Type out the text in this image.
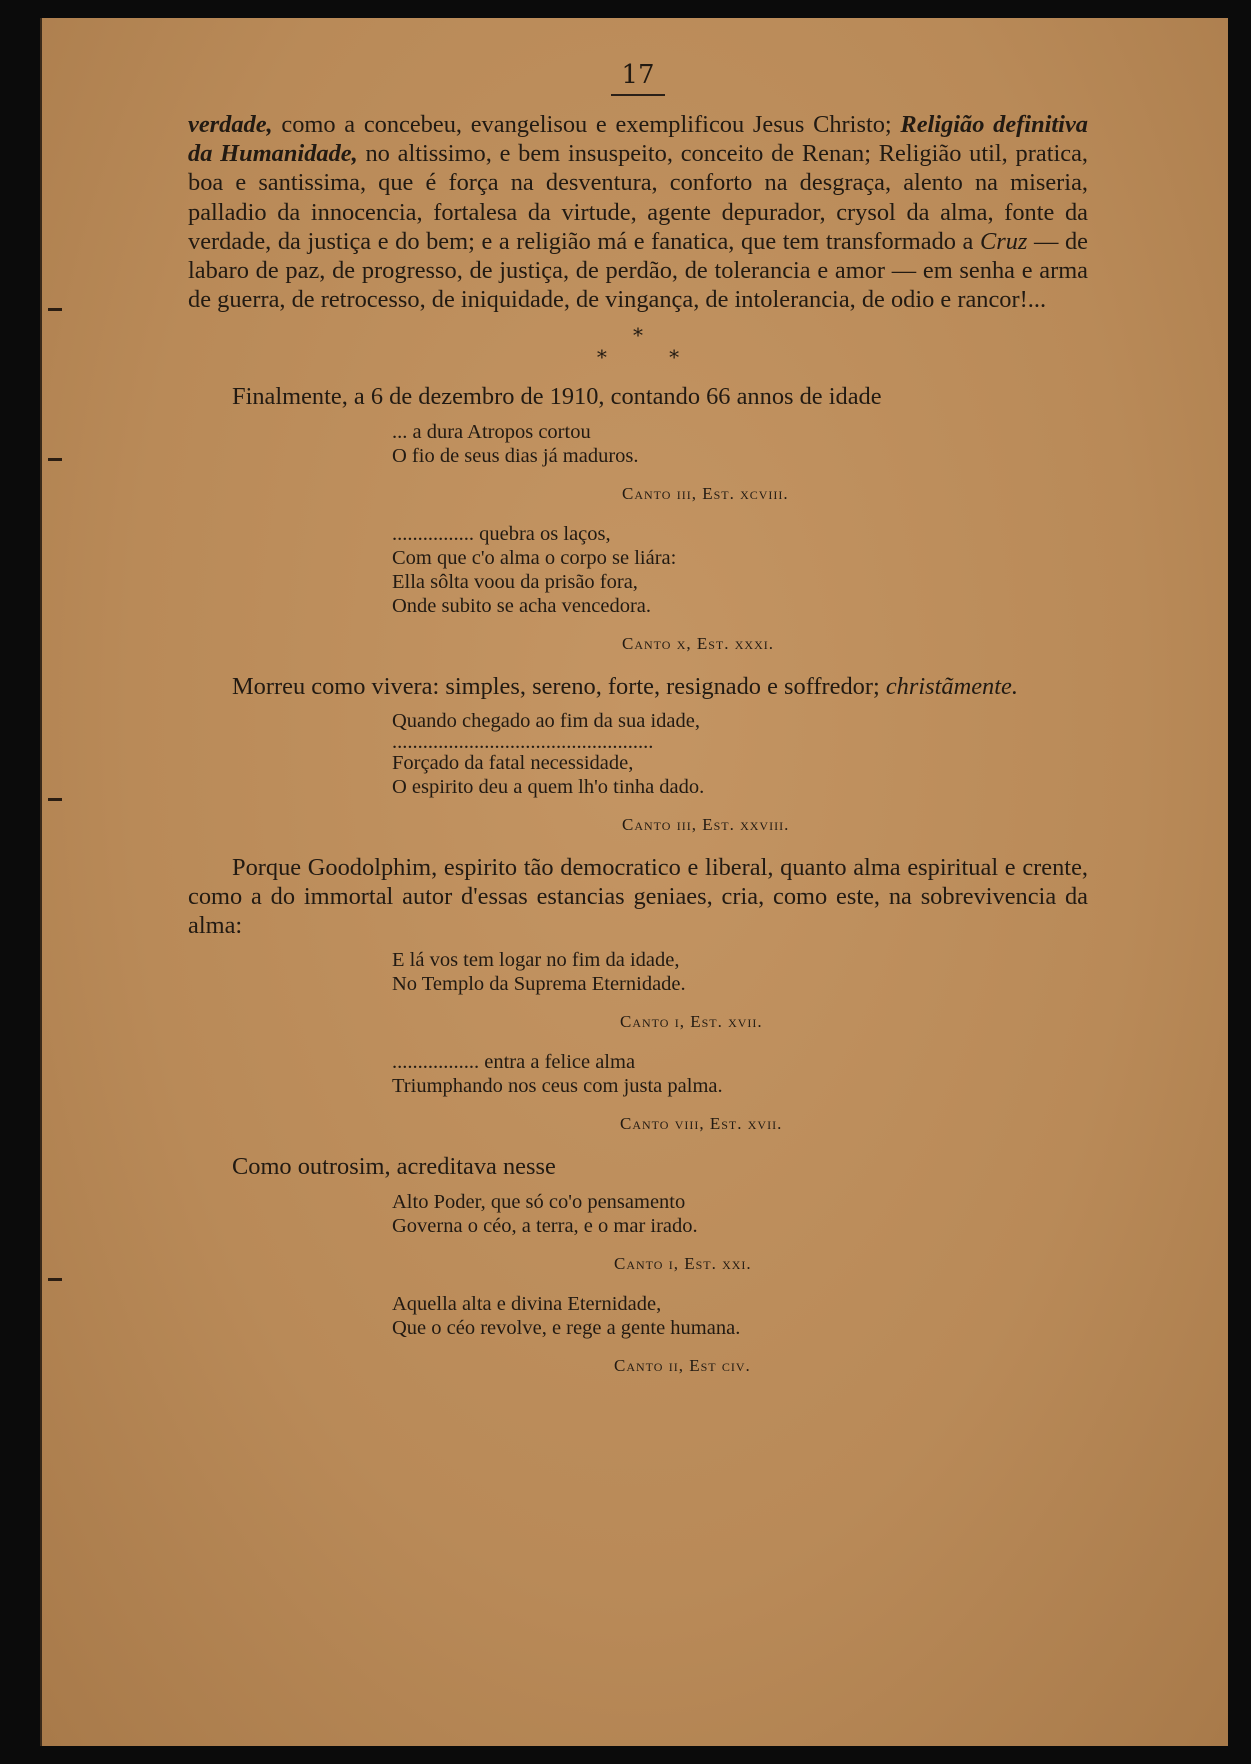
17

verdade, como a concebeu, evangelisou e exemplificou Jesus Christo; Religião definitiva da Humanidade, no altissimo, e bem insuspeito, conceito de Renan; Religião util, pratica, boa e santissima, que é força na desventura, conforto na desgraça, alento na miseria, palladio da innocencia, fortalesa da virtude, agente depurador, crysol da alma, fonte da verdade, da justiça e do bem; e a religião má e fanatica, que tem transformado a Cruz — de labaro de paz, de progresso, de justiça, de perdão, de tolerancia e amor — em senha e arma de guerra, de retrocesso, de iniquidade, de vingança, de intolerancia, de odio e rancor!...

*
* *

Finalmente, a 6 de dezembro de 1910, contando 66 annos de idade

... a dura Atropos cortou
O fio de seus dias já maduros.
Canto iii, Est. xcviii.
................ quebra os laços,
Com que c'o alma o corpo se liára:
Ella sôlta voou da prisão fora,
Onde subito se acha vencedora.
Canto x, Est. xxxi.

Morreu como vivera: simples, sereno, forte, resignado e soffredor; christãmente.

Quando chegado ao fim da sua idade,
...................................................
Forçado da fatal necessidade,
O espirito deu a quem lh'o tinha dado.
Canto iii, Est. xxviii.

Porque Goodolphim, espirito tão democratico e liberal, quanto alma espiritual e crente, como a do immortal autor d'essas estancias geniaes, cria, como este, na sobrevivencia da alma:

E lá vos tem logar no fim da idade,
No Templo da Suprema Eternidade.
Canto i, Est. xvii.
................. entra a felice alma
Triumphando nos ceus com justa palma.
Canto viii, Est. xvii.

Como outrosim, acreditava nesse

Alto Poder, que só co'o pensamento
Governa o céo, a terra, e o mar irado.
Canto i, Est. xxi.
Aquella alta e divina Eternidade,
Que o céo revolve, e rege a gente humana.
Canto ii, Est civ.
